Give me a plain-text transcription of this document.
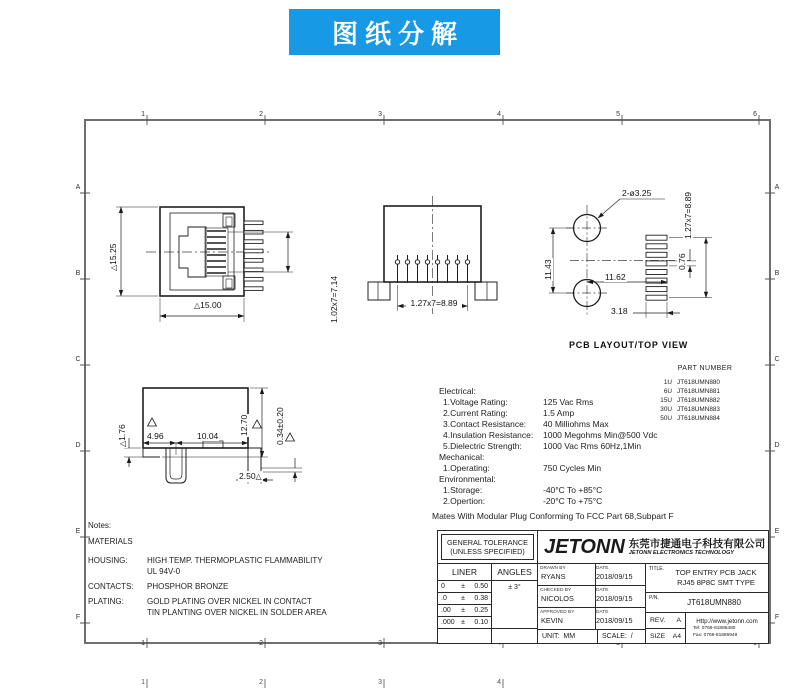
图纸分解
1	2	3	4	5	6
1	2	3
A
B
C
D
E
F
A
B
C
D
E
F
1	2	3	4
△15.25
△15.00	1.02x7=7.14	1.27x7=8.89
2-ø3.25
11.43	11.62
3.18
0.76
1.27x7=8.89
△1.76 4.96	10.04 12.70	0.34±0.20
2.50△
PCB LAYOUT/TOP VIEW
PART NUMBER
1U JT618UMN880
6U JT618UMN881
15U JT618UMN882
30U JT618UMN883
50U JT618UMN884
Electrical:
1.Voltage Rating:	125 Vac Rms
2.Current Rating:	1.5 Amp
3.Contact Resistance:	40 Milliohms Max
4.Insulation Resistance:	1000 Megohms Min@500 Vdc
5.Dielectric Strength:	1000 Vac Rms 60Hz,1Min
Mechanical:
1.Operating:	750 Cycles Min
Environmental:
1.Storage:	-40°C To +85°C
2.Opertion:	-20°C To +75°C
Mates With Modular Plug Conforming To FCC Part 68,Subpart F
Notes:
MATERIALS
HOUSING: HIGH TEMP. THERMOPLASTIC FLAMMABILITY
UL 94V-0
CONTACTS: PHOSPHOR BRONZE
PLATING:	GOLD PLATING OVER NICKEL IN CONTACT
TIN PLANTING OVER NICKEL IN SOLDER AREA
GENERAL TOLERANCE
(UNLESS SPECIFIED)
LINER	ANGLES
0	±	0.50
.0	±	0.38
.00	±	0.25
.000 ±	0.10
± 3°
JETONN 东莞市捷通电子科技有限公司
JETONN ELECTRONICS TECHNOLOGY
DRAWN BY	DATE
RYANS	2018/09/15
CHECKED BY	DATE
NICOLOS	2018/09/15
APPROVED BY	DATE
KEVIN	2018/09/15
UNIT:  MM	SCALE:  /
TITLE.	TOP ENTRY PCB JACK
RJ45 8P8C SMT TYPE
P/N.	JT618UMN880
REV. A
SIZE A4
Http://www.jetonn.com
Tel: 0769-81886480
Fax: 0769-81886948
